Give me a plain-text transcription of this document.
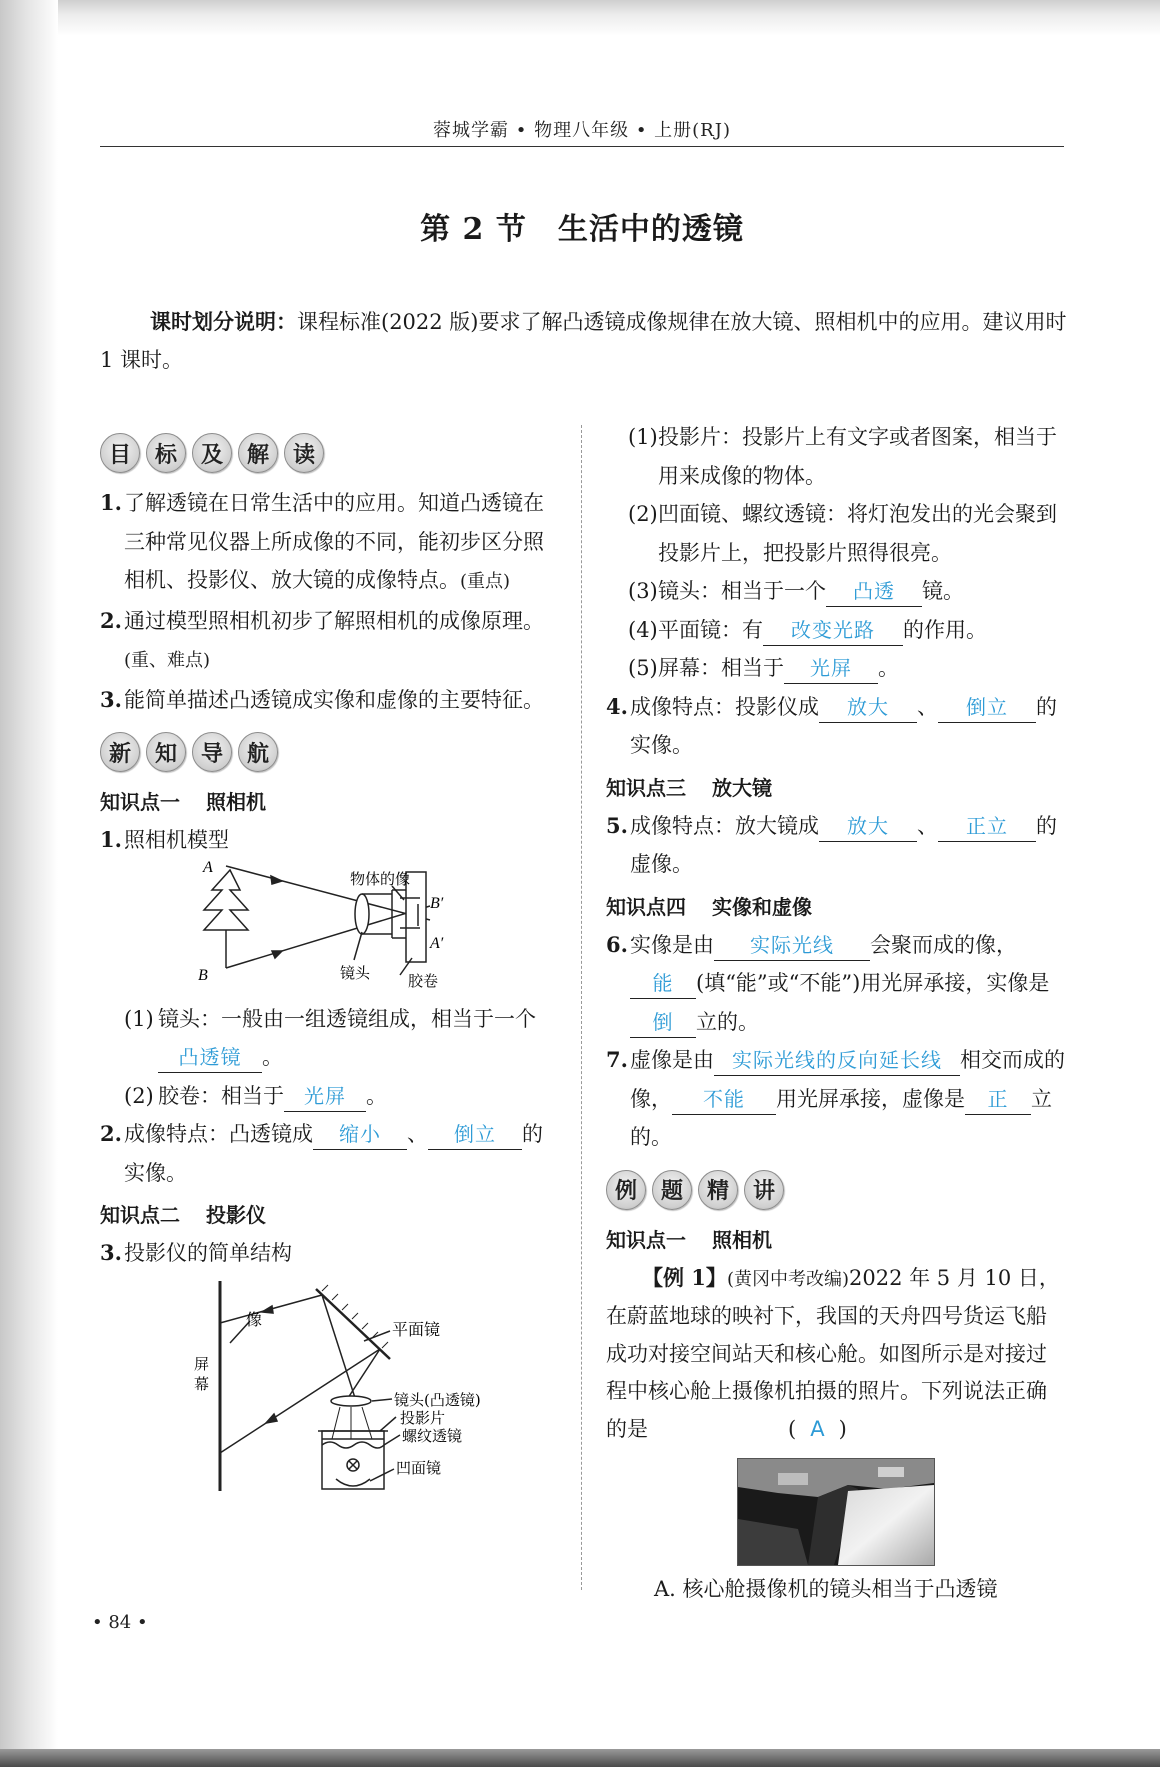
蓉城学霸 • 物理八年级 • 上册(RJ)
第 2 节　生活中的透镜
课时划分说明：课程标准(2022 版)要求了解凸透镜成像规律在放大镜、照相机中的应用。建议用时 1 课时。
目	标	及	解	读
1. 了解透镜在日常生活中的应用。知道凸透镜在三种常见仪器上所成像的不同，能初步区分照相机、投影仪、放大镜的成像特点。(重点)
2. 通过模型照相机初步了解照相机的成像原理。(重、难点)
3. 能简单描述凸透镜成实像和虚像的主要特征。
新	知	导	航
知识点一 照相机
1. 照相机模型
A
B
B′
A′
物体的像
镜头	胶卷
(1) 镜头：一般由一组透镜组成，相当于一个凸透镜 。
(2) 胶卷：相当于 光屏 。
2. 成像特点：凸透镜成 缩小 、 倒立 的实像。
知识点二 投影仪
3. 投影仪的简单结构
屏
幕
像
平面镜
镜头(凸透镜)
投影片
螺纹透镜
凹面镜
(1) 投影片：投影片上有文字或者图案，相当于用来成像的物体。
(2) 凹面镜、螺纹透镜：将灯泡发出的光会聚到投影片上，把投影片照得很亮。
(3) 镜头：相当于一个 凸透 镜。
(4) 平面镜：有 改变光路 的作用。
(5) 屏幕：相当于 光屏 。
4. 成像特点：投影仪成 放大 、 倒立 的实像。
知识点三 放大镜
5. 成像特点：放大镜成 放大 、 正立 的虚像。
知识点四 实像和虚像
6. 实像是由 实际光线 会聚而成的像，能 (填“能”或“不能”)用光屏承接，实像是倒 立的。
7. 虚像是由 实际光线的反向延长线 相交而成的像， 不能 用光屏承接，虚像是 正 立的。
例	题	精	讲
知识点一 照相机
【例 1】(黄冈中考改编)2022 年 5 月 10 日，在蔚蓝地球的映衬下，我国的天舟四号货运飞船成功对接空间站天和核心舱。如图所示是对接过程中核心舱上摄像机拍摄的照片。下列说法正确的是	( A )
A. 核心舱摄像机的镜头相当于凸透镜
• 84 •
